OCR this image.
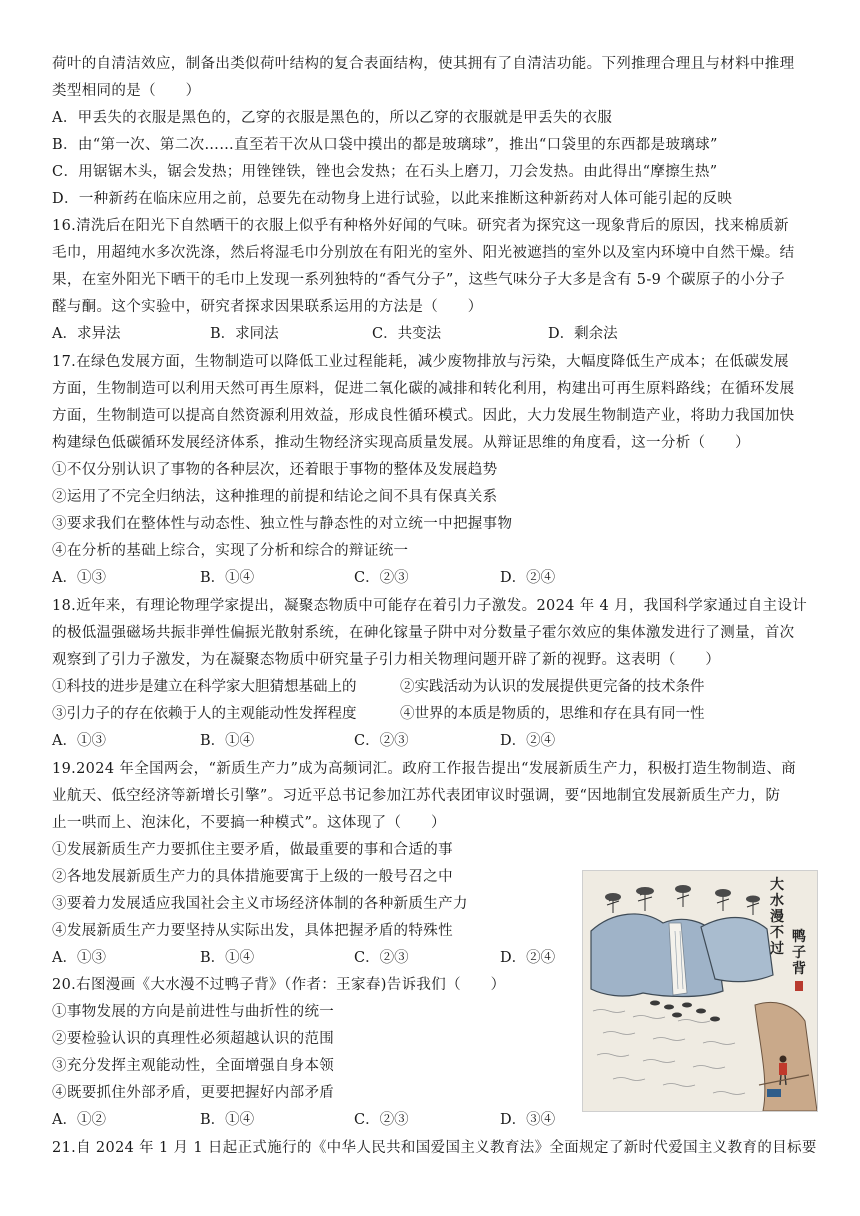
荷叶的自清洁效应，制备出类似荷叶结构的复合表面结构，使其拥有了自清洁功能。下列推理合理且与材料中推理
类型相同的是（　　）
A．甲丢失的衣服是黑色的，乙穿的衣服是黑色的，所以乙穿的衣服就是甲丢失的衣服
B．由“第一次、第二次……直至若干次从口袋中摸出的都是玻璃球”，推出“口袋里的东西都是玻璃球”
C．用锯锯木头，锯会发热；用锉锉铁，锉也会发热；在石头上磨刀，刀会发热。由此得出“摩擦生热”
D．一种新药在临床应用之前，总要先在动物身上进行试验，以此来推断这种新药对人体可能引起的反映
16.清洗后在阳光下自然晒干的衣服上似乎有种格外好闻的气味。研究者为探究这一现象背后的原因，找来棉质新
毛巾，用超纯水多次洗涤，然后将湿毛巾分别放在有阳光的室外、阳光被遮挡的室外以及室内环境中自然干燥。结
果，在室外阳光下晒干的毛巾上发现一系列独特的“香气分子”，这些气味分子大多是含有 5-9 个碳原子的小分子
醛与酮。这个实验中，研究者探求因果联系运用的方法是（　　）
A．求异法	B．求同法	C．共变法	D．剩余法
17.在绿色发展方面，生物制造可以降低工业过程能耗，减少废物排放与污染，大幅度降低生产成本；在低碳发展
方面，生物制造可以利用天然可再生原料，促进二氧化碳的减排和转化利用，构建出可再生原料路线；在循环发展
方面，生物制造可以提高自然资源利用效益，形成良性循环模式。因此，大力发展生物制造产业，将助力我国加快
构建绿色低碳循环发展经济体系，推动生物经济实现高质量发展。从辩证思维的角度看，这一分析（　　）
①不仅分别认识了事物的各种层次，还着眼于事物的整体及发展趋势
②运用了不完全归纳法，这种推理的前提和结论之间不具有保真关系
③要求我们在整体性与动态性、独立性与静态性的对立统一中把握事物
④在分析的基础上综合，实现了分析和综合的辩证统一
A．①③	B．①④	C．②③	D．②④
18.近年来，有理论物理学家提出，凝聚态物质中可能存在着引力子激发。2024 年 4 月，我国科学家通过自主设计
的极低温强磁场共振非弹性偏振光散射系统，在砷化镓量子阱中对分数量子霍尔效应的集体激发进行了测量，首次
观察到了引力子激发，为在凝聚态物质中研究量子引力相关物理问题开辟了新的视野。这表明（　　）
①科技的进步是建立在科学家大胆猜想基础上的	②实践活动为认识的发展提供更完备的技术条件
③引力子的存在依赖于人的主观能动性发挥程度	④世界的本质是物质的，思维和存在具有同一性
A．①③	B．①④	C．②③	D．②④
19.2024 年全国两会，“新质生产力”成为高频词汇。政府工作报告提出“发展新质生产力，积极打造生物制造、商
业航天、低空经济等新增长引擎”。习近平总书记参加江苏代表团审议时强调，要“因地制宜发展新质生产力，防
止一哄而上、泡沫化，不要搞一种模式”。这体现了（　　）
①发展新质生产力要抓住主要矛盾，做最重要的事和合适的事
②各地发展新质生产力的具体措施要寓于上级的一般号召之中
③要着力发展适应我国社会主义市场经济体制的各种新质生产力
④发展新质生产力要坚持从实际出发，具体把握矛盾的特殊性
A．①③	B．①④	C．②③	D．②④
20.右图漫画《大水漫不过鸭子背》（作者：王家春)告诉我们（　　）
①事物发展的方向是前进性与曲折性的统一
②要检验认识的真理性必须超越认识的范围
③充分发挥主观能动性，全面增强自身本领
④既要抓住外部矛盾，更要把握好内部矛盾
A．①②	B．①④	C．②③	D．③④
21.自 2024 年 1 月 1 日起正式施行的《中华人民共和国爱国主义教育法》全面规定了新时代爱国主义教育的目标要
大
水
漫
不
过
鸭
子
背
